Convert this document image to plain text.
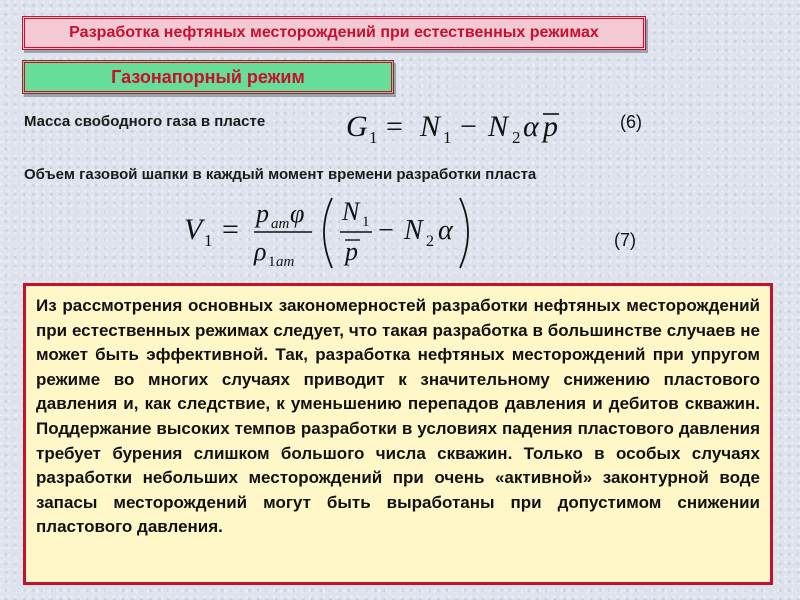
Разработка нефтяных месторождений при естественных режимах
Газонапорный режим
Масса свободного газа в пласте	G 1 = N 1 − N 2 α p	(6)
Объем газовой шапки в каждый момент времени разработки пласта
V 1 = p ат φ
ρ 1 ат
N 1
p
− N 2 α	(7)

Из рассмотрения основных закономерностей разработки нефтяных месторождений при естественных режимах следует, что такая разработка в большинстве случаев не может быть эффективной. Так, разработка нефтяных месторождений при упругом режиме во многих случаях приводит к значительному снижению пластового давления и, как следствие, к уменьшению перепадов давления и дебитов скважин. Поддержание высоких темпов разработки в условиях падения пластового давления требует бурения слишком большого числа скважин. Только в особых случаях разработки небольших месторождений при очень «активной» законтурной воде запасы месторождений могут быть выработаны при допустимом снижении пластового давления.
